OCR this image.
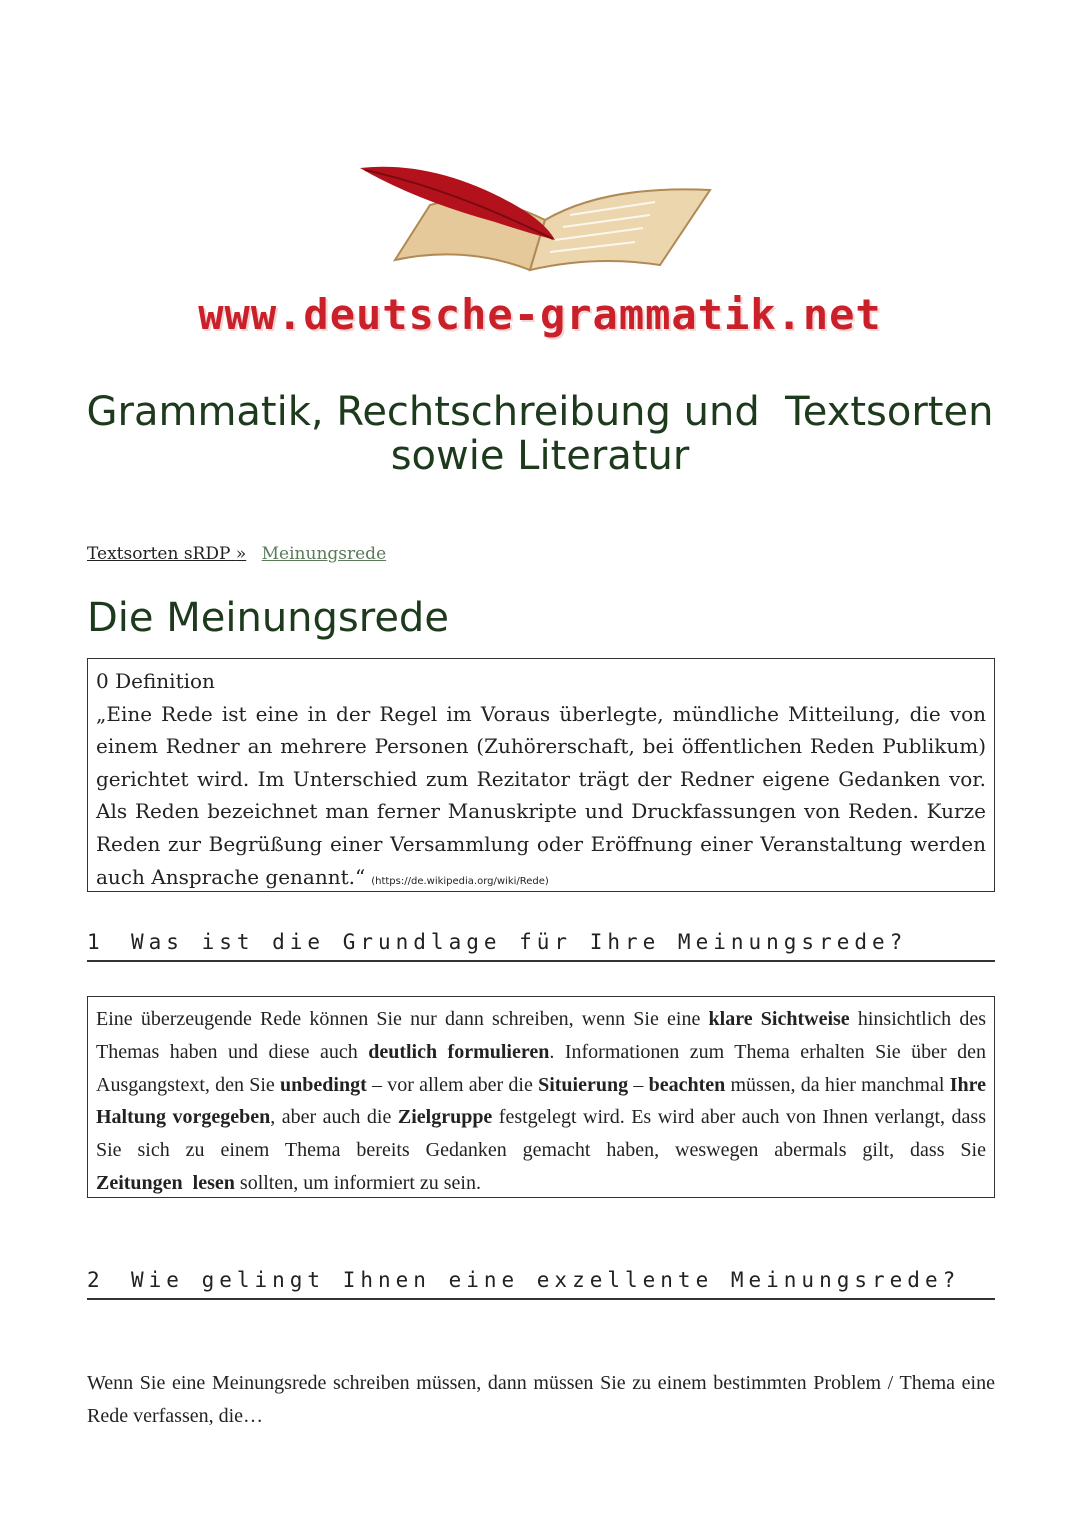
www.deutsche-grammatik.net
Grammatik, Rechtschreibung und  Textsorten
sowie Literatur
Textsorten sRDP » Meinungsrede
Die Meinungsrede
0 Definition
„Eine Rede ist eine in der Regel im Voraus überlegte, mündliche Mitteilung, die von einem Redner an mehrere Personen (Zuhörerschaft, bei öffentlichen Reden Publikum) gerichtet wird. Im Unterschied zum Rezitator trägt der Redner eigene Gedanken vor. Als Reden bezeichnet man ferner Manuskripte und Druckfassungen von Reden. Kurze Reden zur Begrüßung einer Versammlung oder Eröffnung einer Veranstaltung werden auch Ansprache genannt.“ (https://de.wikipedia.org/wiki/Rede)
1 Was ist die Grundlage für Ihre Meinungsrede?
Eine überzeugende Rede können Sie nur dann schreiben, wenn Sie eine klare Sichtweise hinsichtlich des Themas haben und diese auch deutlich formulieren. Informationen zum Thema erhalten Sie über den Ausgangstext, den Sie unbedingt – vor allem aber die Situierung – beachten müssen, da hier manchmal Ihre Haltung vorgegeben, aber auch die Zielgruppe festgelegt wird. Es wird aber auch von Ihnen verlangt, dass Sie sich zu einem Thema bereits Gedanken gemacht haben, weswegen abermals gilt, dass Sie Zeitungen  lesen sollten, um informiert zu sein.
2 Wie gelingt Ihnen eine exzellente Meinungsrede?
Wenn Sie eine Meinungsrede schreiben müssen, dann müssen Sie zu einem bestimmten Problem / Thema eine Rede verfassen, die…
